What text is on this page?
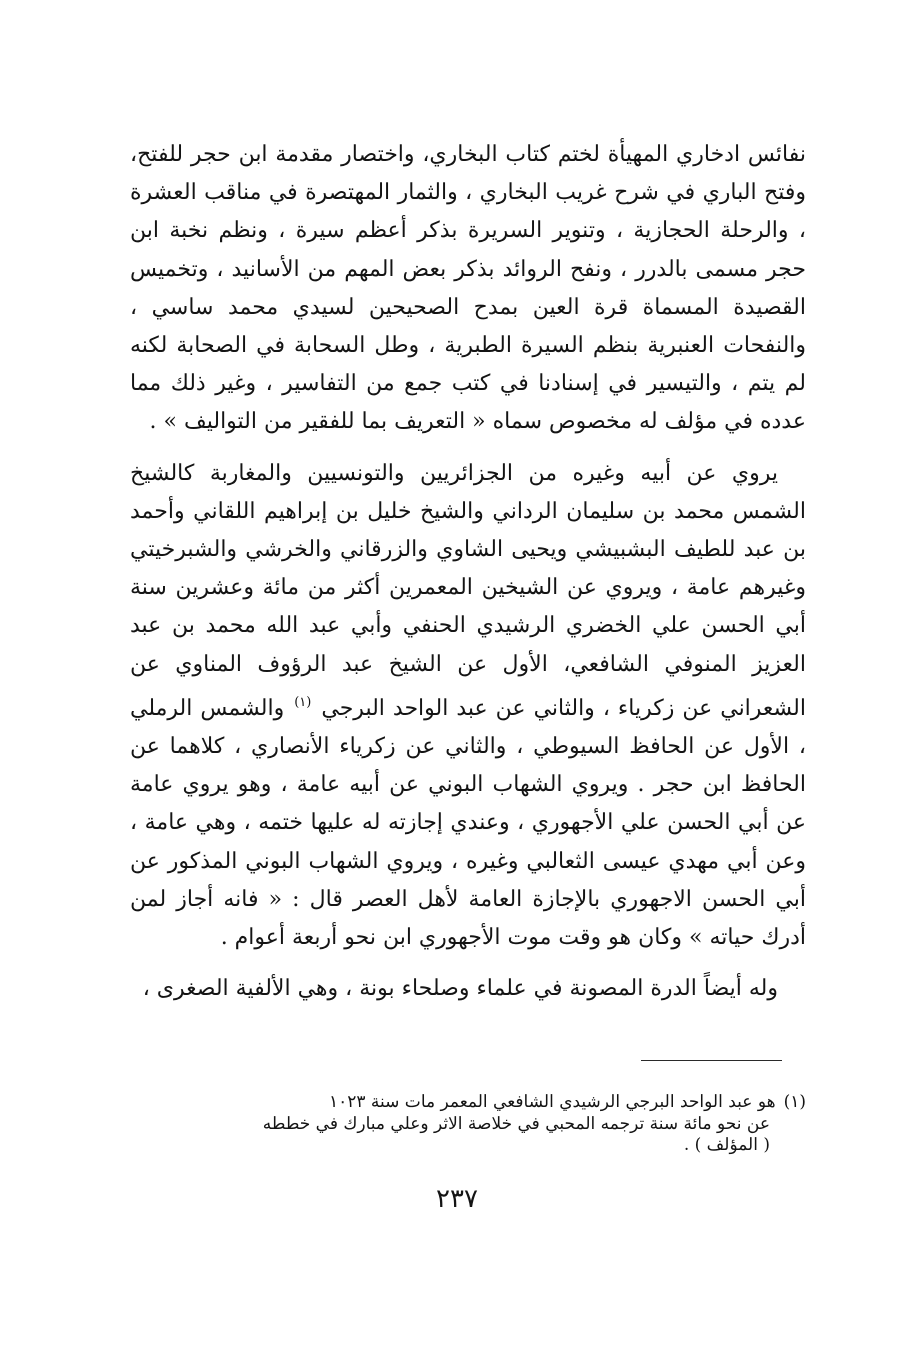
نفائس ادخاري المهيأة لختم كتاب البخاري، واختصار مقدمة ابن حجر للفتح، وفتح الباري في شرح غريب البخاري ، والثمار المهتصرة في مناقب العشرة ، والرحلة الحجازية ، وتنوير السريرة بذكر أعظم سيرة ، ونظم نخبة ابن حجر مسمى بالدرر ، ونفح الروائد بذكر بعض المهم من الأسانيد ، وتخميس القصيدة المسماة قرة العين بمدح الصحيحين لسيدي محمد ساسي ، والنفحات العنبرية بنظم السيرة الطبرية ، وطل السحابة في الصحابة لكنه لم يتم ، والتيسير في إسنادنا في كتب جمع من التفاسير ، وغير ذلك مما عدده في مؤلف له مخصوص سماه « التعريف بما للفقير من التواليف » .

يروي عن أبيه وغيره من الجزائريين والتونسيين والمغاربة كالشيخ الشمس محمد بن سليمان الرداني والشيخ خليل بن إبراهيم اللقاني وأحمد بن عبد للطيف البشبيشي ويحيى الشاوي والزرقاني والخرشي والشبرخيتي وغيرهم عامة ، ويروي عن الشيخين المعمرين أكثر من مائة وعشرين سنة أبي الحسن علي الخضري الرشيدي الحنفي وأبي عبد الله محمد بن عبد العزيز المنوفي الشافعي، الأول عن الشيخ عبد الرؤوف المناوي عن الشعراني عن زكرياء ، والثاني عن عبد الواحد البرجي $^{(١)}$ والشمس الرملي ، الأول عن الحافظ السيوطي ، والثاني عن زكرياء الأنصاري ، كلاهما عن الحافظ ابن حجر . ويروي الشهاب البوني عن أبيه عامة ، وهو يروي عامة عن أبي الحسن علي الأجهوري ، وعندي إجازته له عليها ختمه ، وهي عامة ، وعن أبي مهدي عيسى الثعالبي وغيره ، ويروي الشهاب البوني المذكور عن أبي الحسن الاجهوري بالإجازة العامة لأهل العصر قال : « فانه أجاز لمن أدرك حياته » وكان هو وقت موت الأجهوري ابن نحو أربعة أعوام .

وله أيضاً الدرة المصونة في علماء وصلحاء بونة ، وهي الألفية الصغرى ،

(١)هو عبد الواحد البرجي الرشيدي الشافعي المعمر مات سنة ١٠٢٣
عن نحو مائة سنة ترجمه المحبي في خلاصة الاثر وعلي مبارك في خططه
( المؤلف ) .

٢٣٧
